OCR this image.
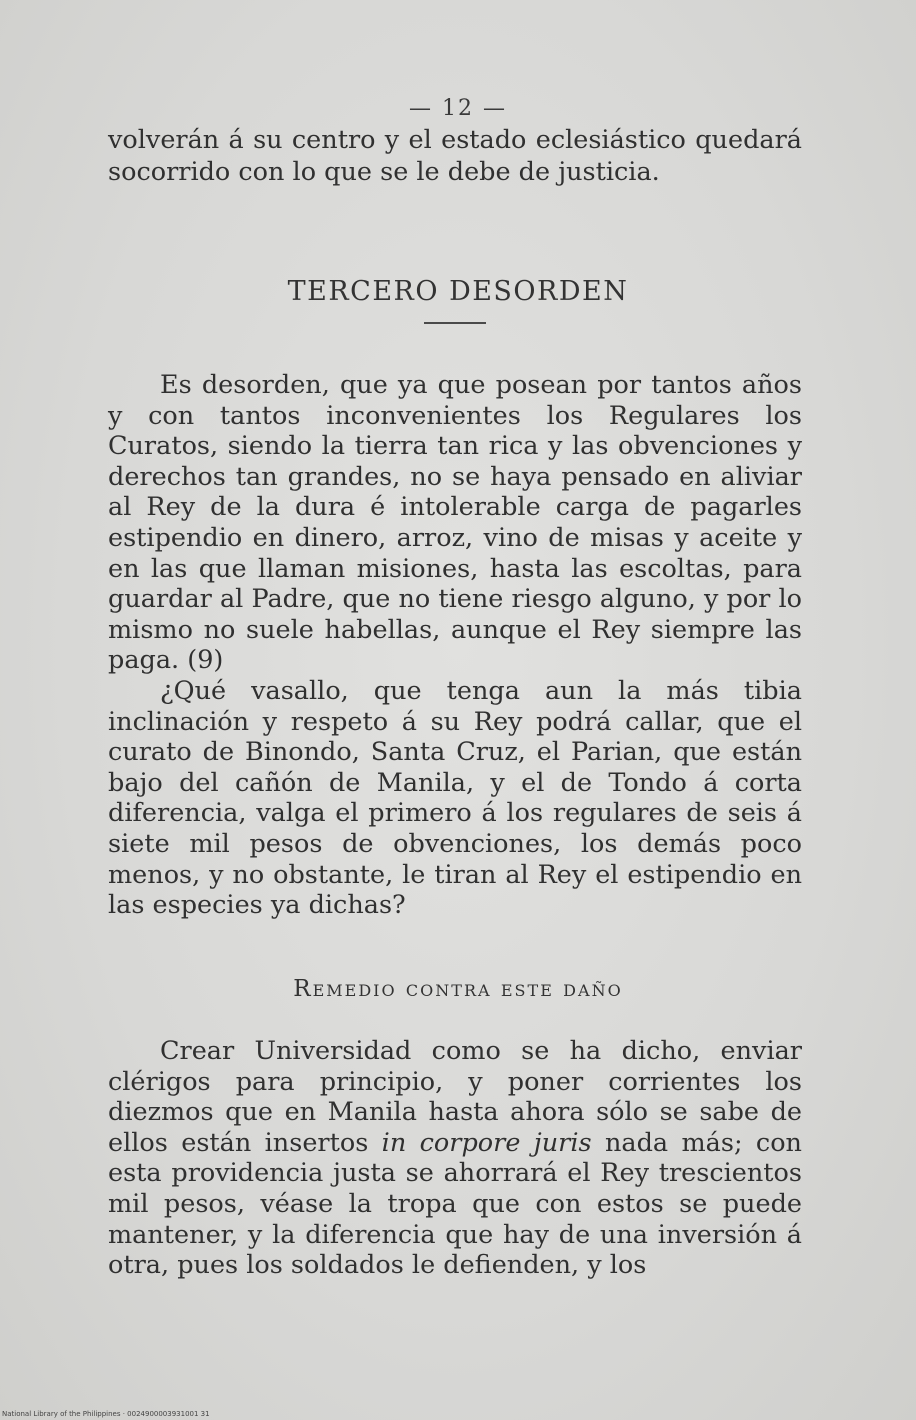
— 12 —

volverán á su centro y el estado eclesiástico quedará socorrido con lo que se le debe de justicia.

TERCERO DESORDEN

Es desorden, que ya que posean por tantos años y con tantos inconvenientes los Regulares los Curatos, siendo la tierra tan rica y las obvenciones y derechos tan grandes, no se haya pensado en aliviar al Rey de la dura é intolerable carga de pagarles estipendio en dinero, arroz, vino de misas y aceite y en las que llaman misiones, hasta las escoltas, para guardar al Padre, que no tiene riesgo alguno, y por lo mismo no suele habellas, aunque el Rey siempre las paga. (9)

¿Qué vasallo, que tenga aun la más tibia inclinación y respeto á su Rey podrá callar, que el curato de Binondo, Santa Cruz, el Parian, que están bajo del cañón de Manila, y el de Tondo á corta diferencia, valga el primero á los regulares de seis á siete mil pesos de obvenciones, los demás poco menos, y no obstante, le tiran al Rey el estipendio en las especies ya dichas?

Remedio contra este daño

Crear Universidad como se ha dicho, enviar clérigos para principio, y poner corrientes los diezmos que en Manila hasta ahora sólo se sabe de ellos están insertos in corpore juris nada más; con esta providencia justa se ahorrará el Rey trescientos mil pesos, véase la tropa que con estos se puede mantener, y la diferencia que hay de una inversión á otra, pues los soldados le defienden, y los

National Library of the Philippines · 0024900003931001 31
